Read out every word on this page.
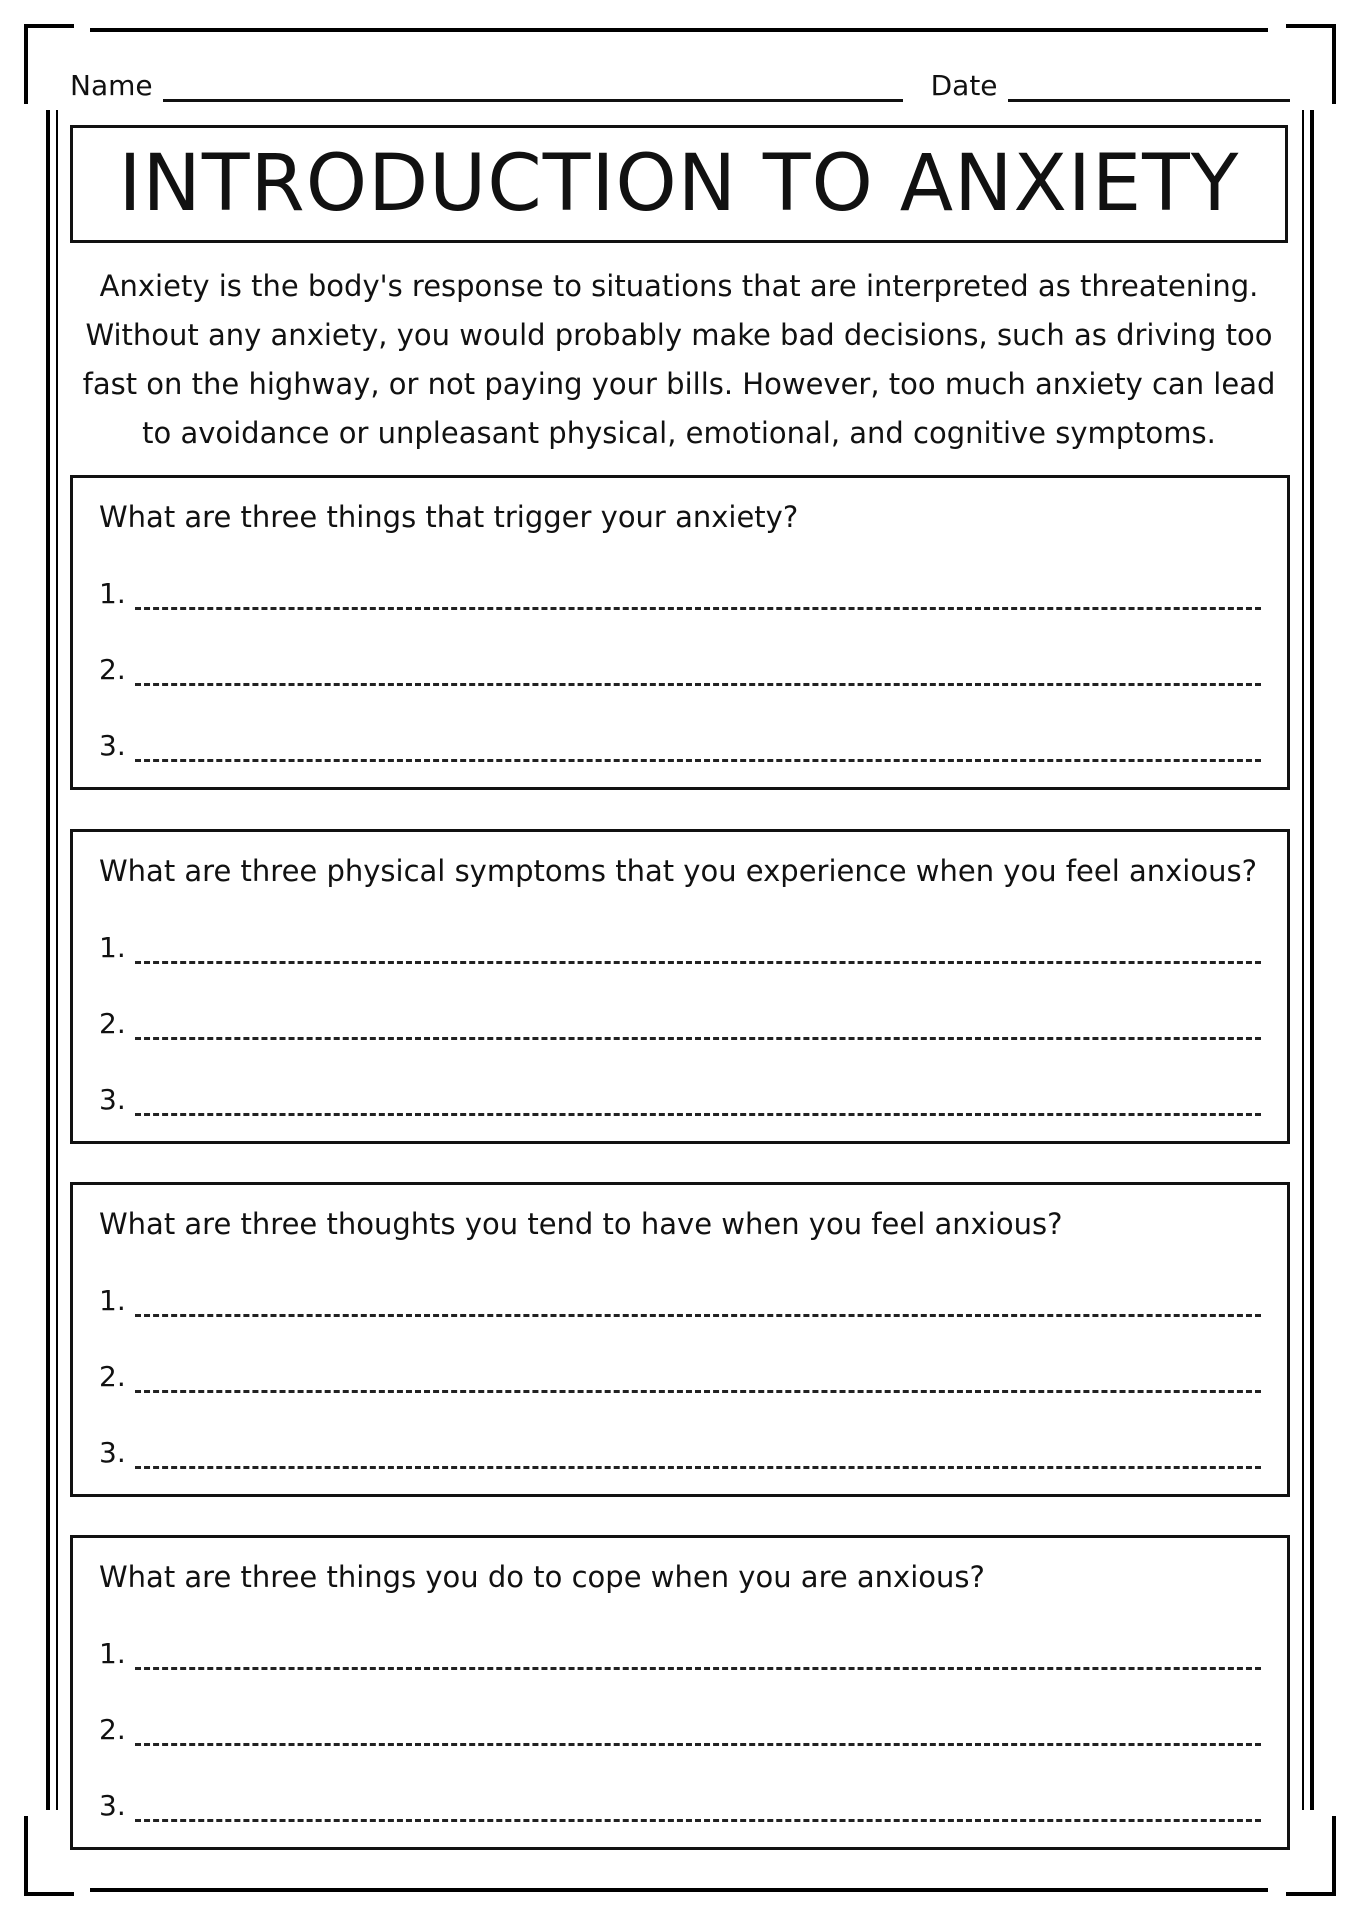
Name	Date
INTRODUCTION TO ANXIETY

Anxiety is the body's response to situations that are interpreted as threatening. Without any anxiety, you would probably make bad decisions, such as driving too fast on the highway, or not paying your bills. However, too much anxiety can lead to avoidance or unpleasant physical, emotional, and cognitive symptoms.

What are three things that trigger your anxiety?

1.
2.
3.

What are three physical symptoms that you experience when you feel anxious?

1.
2.
3.

What are three thoughts you tend to have when you feel anxious?

1.
2.
3.

What are three things you do to cope when you are anxious?

1.
2.
3.
